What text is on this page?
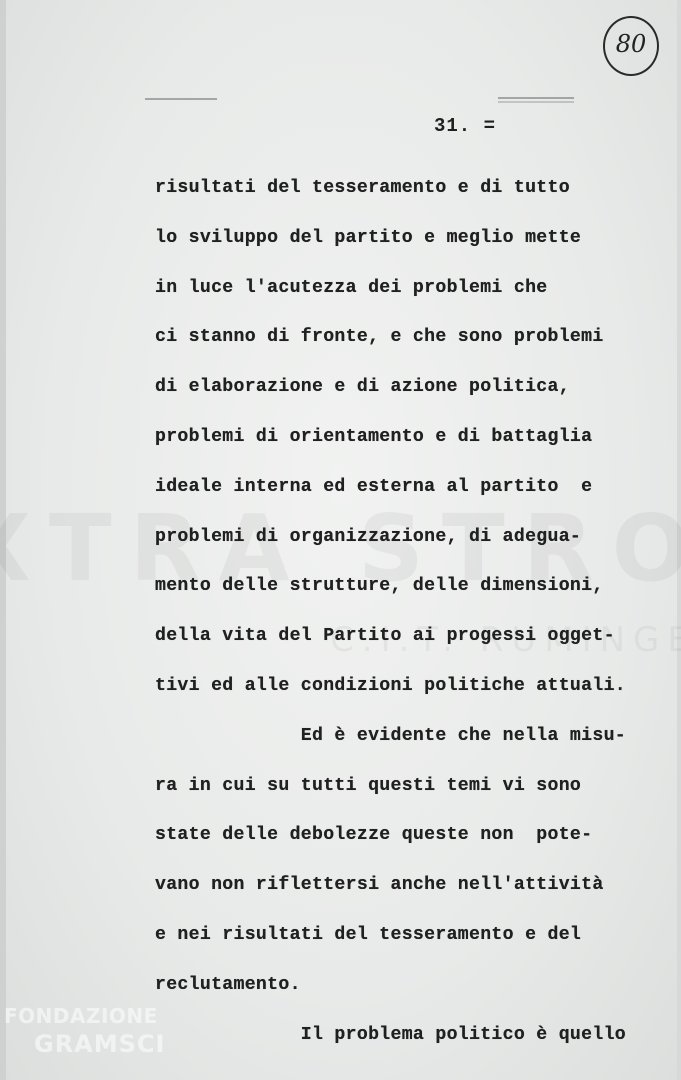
80
31. =
risultati del tesseramento e di tutto
lo sviluppo del partito e meglio mette
in luce l'acutezza dei problemi che
ci stanno di fronte, e che sono problemi
di elaborazione e di azione politica,
problemi di orientamento e di battaglia
ideale interna ed esterna al partito  e
problemi di organizzazione, di adegua-
mento delle strutture, delle dimensioni,
della vita del Partito ai progessi ogget-
tivi ed alle condizioni politiche attuali.
Ed è evidente che nella misu-
ra in cui su tutti questi temi vi sono
state delle debolezze queste non  pote-
vano non riflettersi anche nell'attività
e nei risultati del tesseramento e del
reclutamento.
Il problema politico è quello
FONDAZIONE
GRAMSCI
